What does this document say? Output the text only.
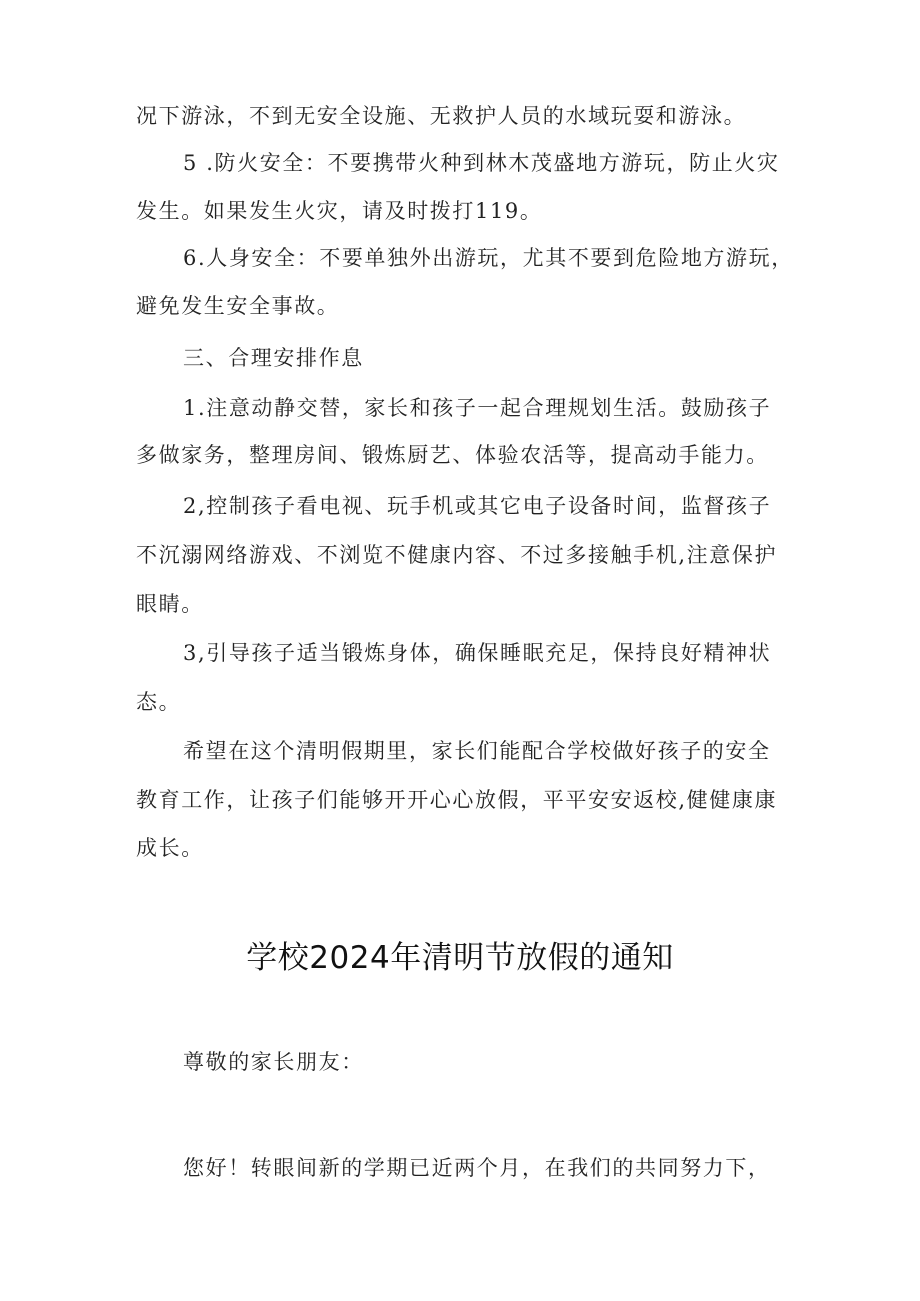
况下游泳，不到无安全设施、无救护人员的水域玩耍和游泳。
5 .防火安全：不要携带火种到林木茂盛地方游玩，防止火灾
发生。如果发生火灾，请及时拨打119。
6.人身安全：不要单独外出游玩，尤其不要到危险地方游玩，
避免发生安全事故。
三、合理安排作息
1.注意动静交替，家长和孩子一起合理规划生活。鼓励孩子
多做家务，整理房间、锻炼厨艺、体验农活等，提高动手能力。
2,控制孩子看电视、玩手机或其它电子设备时间，监督孩子
不沉溺网络游戏、不浏览不健康内容、不过多接触手机,注意保护
眼睛。
3,引导孩子适当锻炼身体，确保睡眠充足，保持良好精神状
态。
希望在这个清明假期里，家长们能配合学校做好孩子的安全
教育工作，让孩子们能够开开心心放假，平平安安返校,健健康康
成长。
学校2024年清明节放假的通知
尊敬的家长朋友：
您好！转眼间新的学期已近两个月，在我们的共同努力下，
